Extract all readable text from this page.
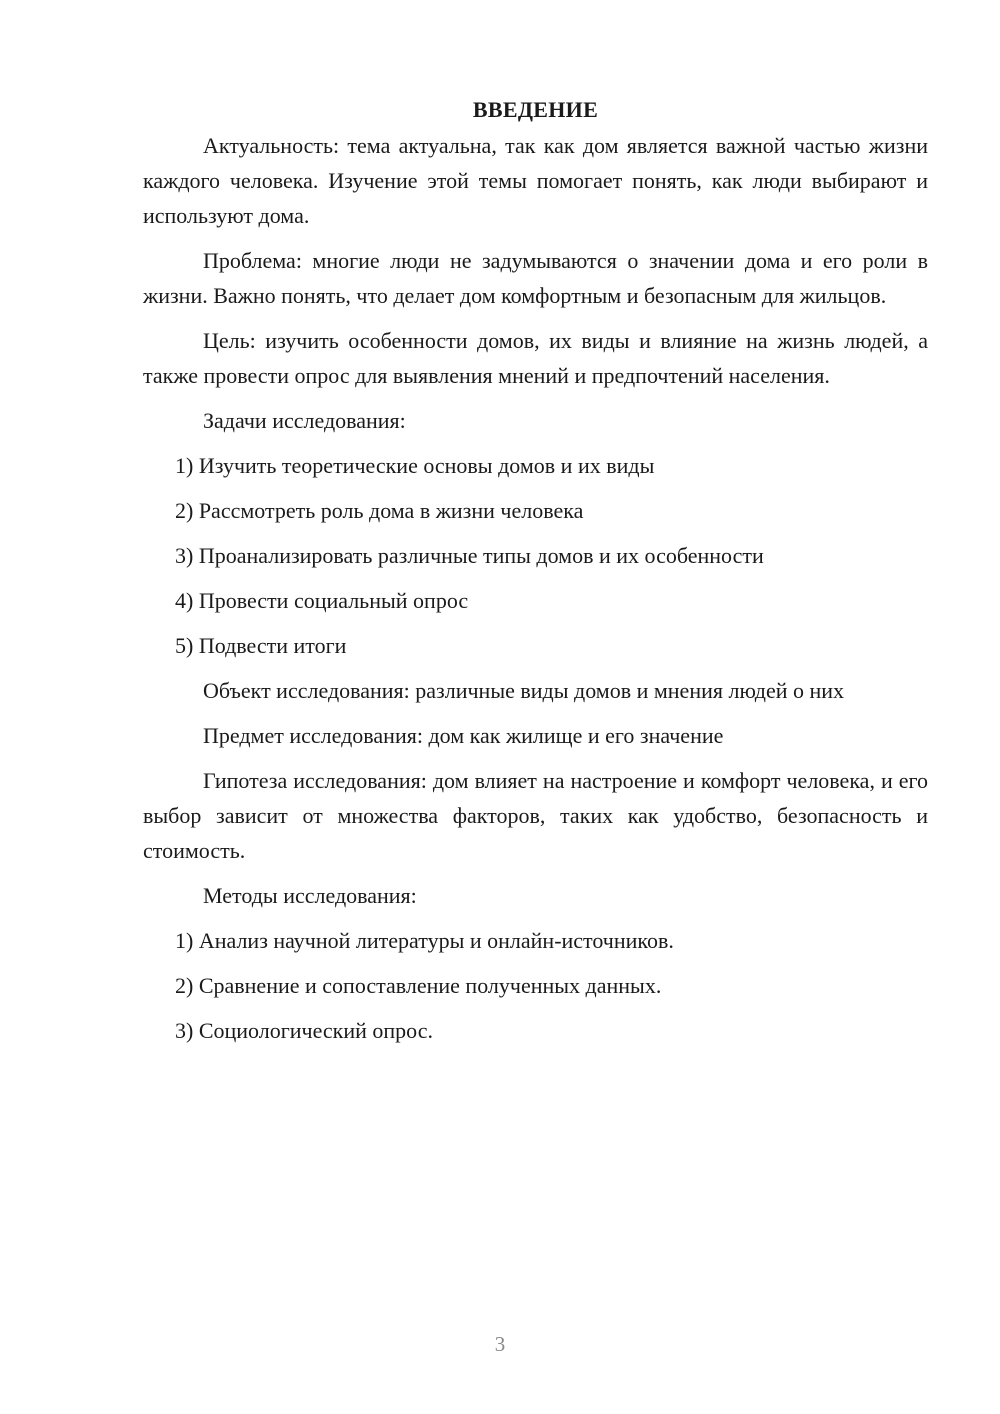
ВВЕДЕНИЕ

Актуальность: тема актуальна, так как дом является важной частью жизни каждого человека. Изучение этой темы помогает понять, как люди выбирают и используют дома.

Проблема: многие люди не задумываются о значении дома и его роли в жизни. Важно понять, что делает дом комфортным и безопасным для жильцов.

Цель: изучить особенности домов, их виды и влияние на жизнь людей, а также провести опрос для выявления мнений и предпочтений населения.

Задачи исследования:

1) Изучить теоретические основы домов и их виды

2) Рассмотреть роль дома в жизни человека

3) Проанализировать различные типы домов и их особенности

4) Провести социальный опрос

5) Подвести итоги

Объект исследования: различные виды домов и мнения людей о них

Предмет исследования: дом как жилище и его значение

Гипотеза исследования: дом влияет на настроение и комфорт человека, и его выбор зависит от множества факторов, таких как удобство, безопасность и стоимость.

Методы исследования:

1) Анализ научной литературы и онлайн-источников.

2) Сравнение и сопоставление полученных данных.

3) Социологический опрос.

3
